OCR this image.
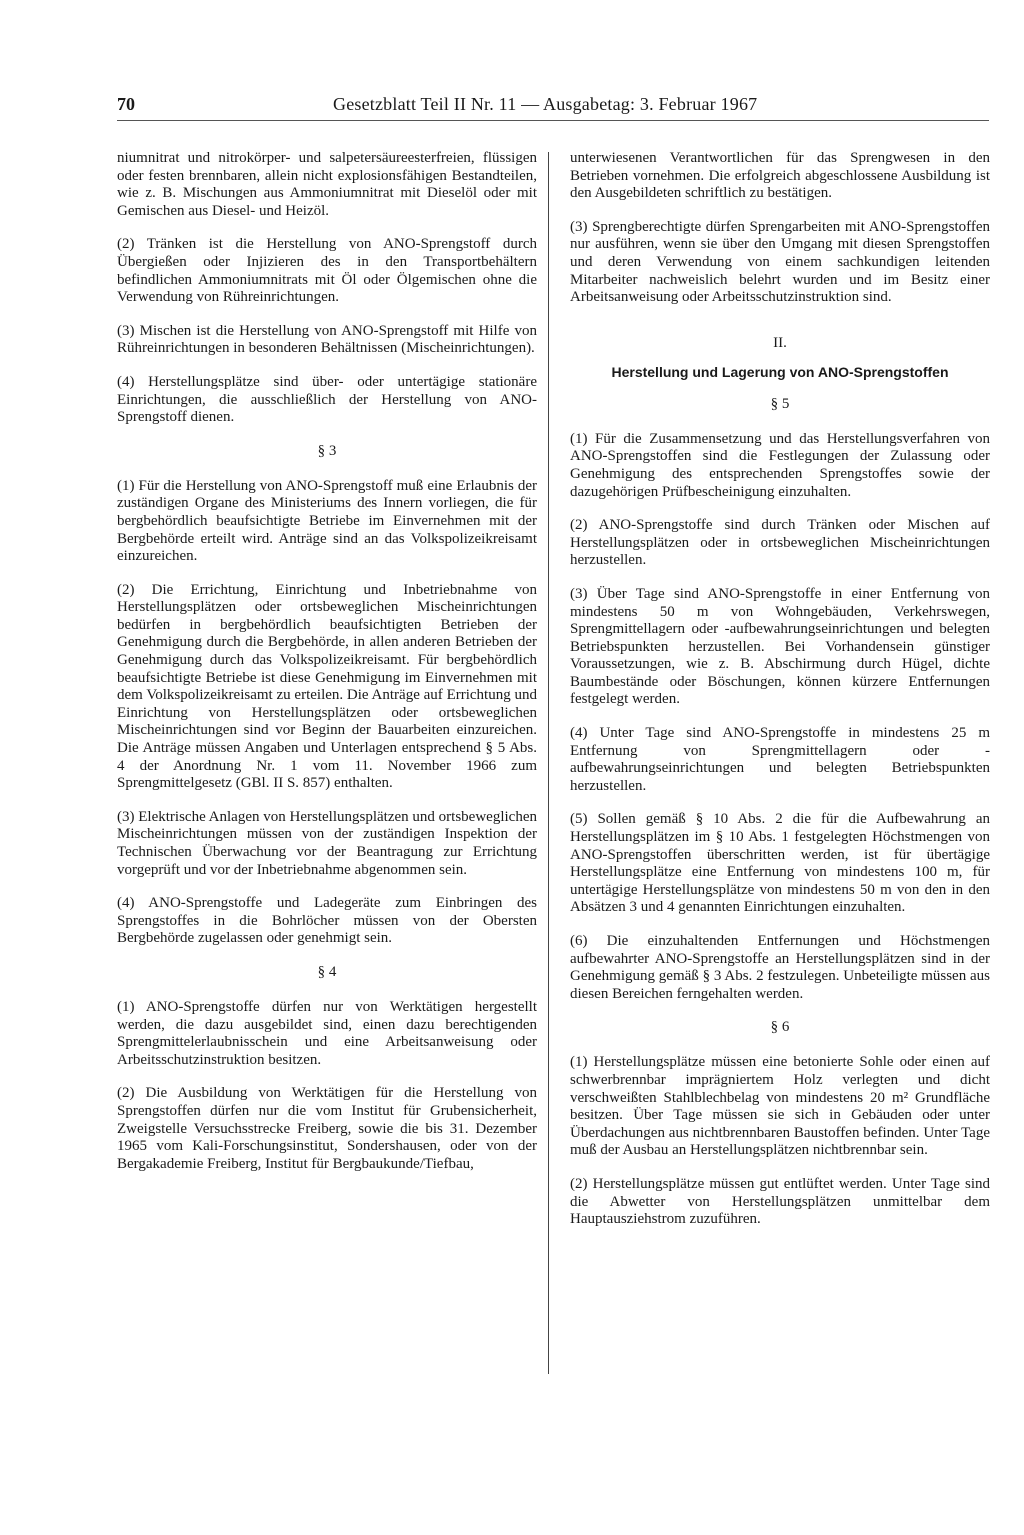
70	Gesetzblatt Teil II Nr. 11 — Ausgabetag: 3. Februar 1967

niumnitrat und nitrokörper- und salpetersäureesterfreien, flüssigen oder festen brennbaren, allein nicht explosionsfähigen Bestandteilen, wie z. B. Mischungen aus Ammoniumnitrat mit Dieselöl oder mit Gemischen aus Diesel- und Heizöl.

(2) Tränken ist die Herstellung von ANO-Sprengstoff durch Übergießen oder Injizieren des in den Transportbehältern befindlichen Ammoniumnitrats mit Öl oder Ölgemischen ohne die Verwendung von Rühreinrichtungen.

(3) Mischen ist die Herstellung von ANO-Sprengstoff mit Hilfe von Rühreinrichtungen in besonderen Behältnissen (Mischeinrichtungen).

(4) Herstellungsplätze sind über- oder untertägige stationäre Einrichtungen, die ausschließlich der Herstellung von ANO-Sprengstoff dienen.

§ 3

(1) Für die Herstellung von ANO-Sprengstoff muß eine Erlaubnis der zuständigen Organe des Ministeriums des Innern vorliegen, die für bergbehördlich beaufsichtigte Betriebe im Einvernehmen mit der Bergbehörde erteilt wird. Anträge sind an das Volkspolizeikreisamt einzureichen.

(2) Die Errichtung, Einrichtung und Inbetriebnahme von Herstellungsplätzen oder ortsbeweglichen Mischeinrichtungen bedürfen in bergbehördlich beaufsichtigten Betrieben der Genehmigung durch die Bergbehörde, in allen anderen Betrieben der Genehmigung durch das Volkspolizeikreisamt. Für bergbehördlich beaufsichtigte Betriebe ist diese Genehmigung im Einvernehmen mit dem Volkspolizeikreisamt zu erteilen. Die Anträge auf Errichtung und Einrichtung von Herstellungsplätzen oder ortsbeweglichen Mischeinrichtungen sind vor Beginn der Bauarbeiten einzureichen. Die Anträge müssen Angaben und Unterlagen entsprechend § 5 Abs. 4 der Anordnung Nr. 1 vom 11. November 1966 zum Sprengmittelgesetz (GBl. II S. 857) enthalten.

(3) Elektrische Anlagen von Herstellungsplätzen und ortsbeweglichen Mischeinrichtungen müssen von der zuständigen Inspektion der Technischen Überwachung vor der Beantragung zur Errichtung vorgeprüft und vor der Inbetriebnahme abgenommen sein.

(4) ANO-Sprengstoffe und Ladegeräte zum Einbringen des Sprengstoffes in die Bohrlöcher müssen von der Obersten Bergbehörde zugelassen oder genehmigt sein.

§ 4

(1) ANO-Sprengstoffe dürfen nur von Werktätigen hergestellt werden, die dazu ausgebildet sind, einen dazu berechtigenden Sprengmittelerlaubnisschein und eine Arbeitsanweisung oder Arbeitsschutzinstruktion besitzen.

(2) Die Ausbildung von Werktätigen für die Herstellung von Sprengstoffen dürfen nur die vom Institut für Grubensicherheit, Zweigstelle Versuchsstrecke Freiberg, sowie die bis 31. Dezember 1965 vom Kali-Forschungsinstitut, Sondershausen, oder von der Bergakademie Freiberg, Institut für Bergbaukunde/Tiefbau,

unterwiesenen Verantwortlichen für das Sprengwesen in den Betrieben vornehmen. Die erfolgreich abgeschlossene Ausbildung ist den Ausgebildeten schriftlich zu bestätigen.

(3) Sprengberechtigte dürfen Sprengarbeiten mit ANO-Sprengstoffen nur ausführen, wenn sie über den Umgang mit diesen Sprengstoffen und deren Verwendung von einem sachkundigen leitenden Mitarbeiter nachweislich belehrt wurden und im Besitz einer Arbeitsanweisung oder Arbeitsschutzinstruktion sind.

II.
Herstellung und Lagerung von ANO-Sprengstoffen
§ 5

(1) Für die Zusammensetzung und das Herstellungsverfahren von ANO-Sprengstoffen sind die Festlegungen der Zulassung oder Genehmigung des entsprechenden Sprengstoffes sowie der dazugehörigen Prüfbescheinigung einzuhalten.

(2) ANO-Sprengstoffe sind durch Tränken oder Mischen auf Herstellungsplätzen oder in ortsbeweglichen Mischeinrichtungen herzustellen.

(3) Über Tage sind ANO-Sprengstoffe in einer Entfernung von mindestens 50 m von Wohngebäuden, Verkehrswegen, Sprengmittellagern oder -aufbewahrungseinrichtungen und belegten Betriebspunkten herzustellen. Bei Vorhandensein günstiger Voraussetzungen, wie z. B. Abschirmung durch Hügel, dichte Baumbestände oder Böschungen, können kürzere Entfernungen festgelegt werden.

(4) Unter Tage sind ANO-Sprengstoffe in mindestens 25 m Entfernung von Sprengmittellagern oder -aufbewahrungseinrichtungen und belegten Betriebspunkten herzustellen.

(5) Sollen gemäß § 10 Abs. 2 die für die Aufbewahrung an Herstellungsplätzen im § 10 Abs. 1 festgelegten Höchstmengen von ANO-Sprengstoffen überschritten werden, ist für übertägige Herstellungsplätze eine Entfernung von mindestens 100 m, für untertägige Herstellungsplätze von mindestens 50 m von den in den Absätzen 3 und 4 genannten Einrichtungen einzuhalten.

(6) Die einzuhaltenden Entfernungen und Höchstmengen aufbewahrter ANO-Sprengstoffe an Herstellungsplätzen sind in der Genehmigung gemäß § 3 Abs. 2 festzulegen. Unbeteiligte müssen aus diesen Bereichen ferngehalten werden.

§ 6

(1) Herstellungsplätze müssen eine betonierte Sohle oder einen auf schwerbrennbar imprägniertem Holz verlegten und dicht verschweißten Stahlblechbelag von mindestens 20 m² Grundfläche besitzen. Über Tage müssen sie sich in Gebäuden oder unter Überdachungen aus nichtbrennbaren Baustoffen befinden. Unter Tage muß der Ausbau an Herstellungsplätzen nichtbrennbar sein.

(2) Herstellungsplätze müssen gut entlüftet werden. Unter Tage sind die Abwetter von Herstellungsplätzen unmittelbar dem Hauptausziehstrom zuzuführen.
